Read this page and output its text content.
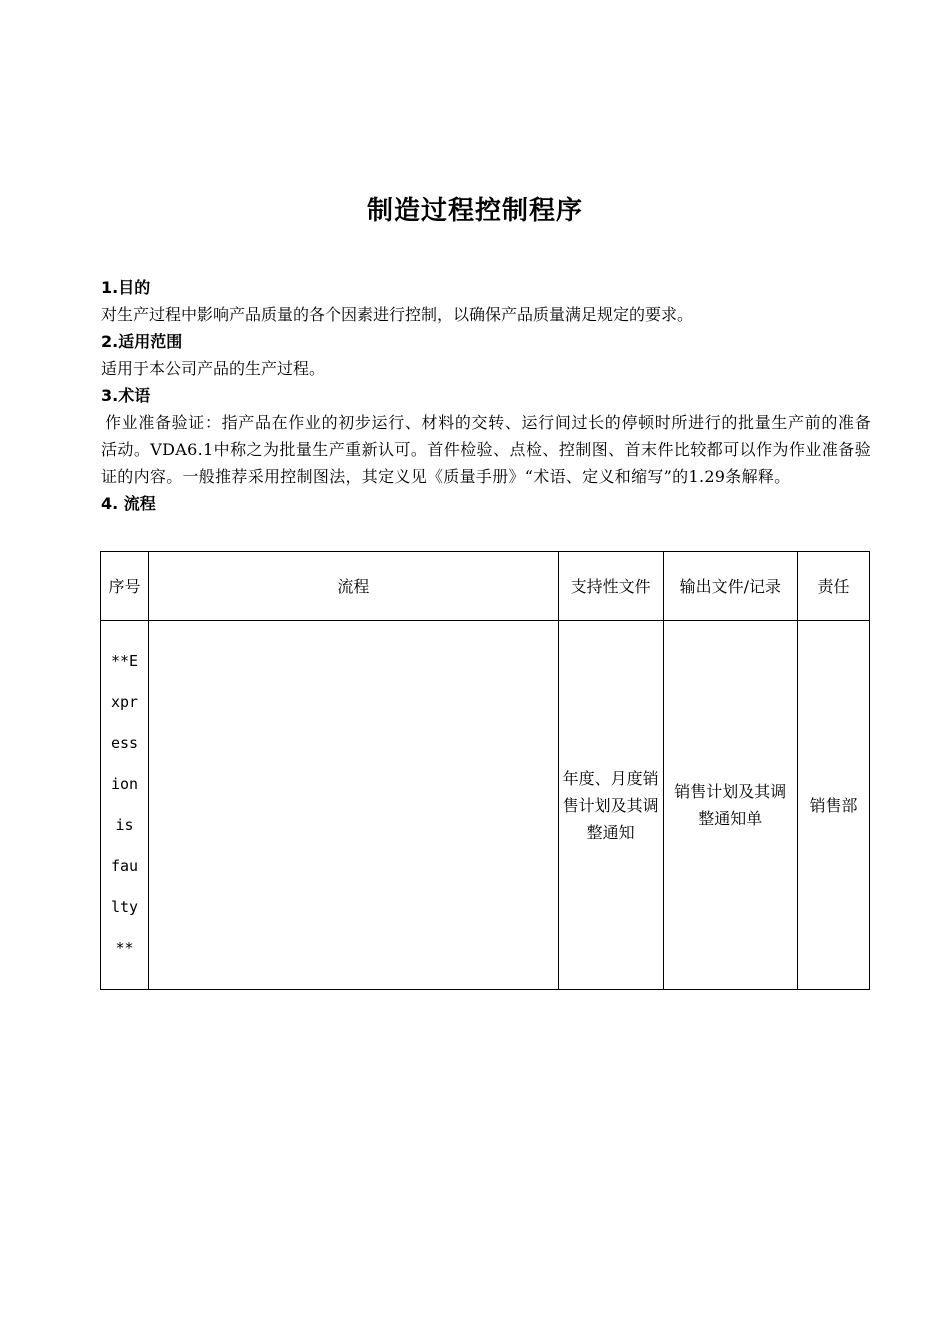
制造过程控制程序
1.目的
对生产过程中影响产品质量的各个因素进行控制，以确保产品质量满足规定的要求。
2.适用范围
适用于本公司产品的生产过程。
3.术语
作业准备验证：指产品在作业的初步运行、材料的交转、运行间过长的停顿时所进行的批量生产前的准备活动。VDA6.1中称之为批量生产重新认可。首件检验、点检、控制图、首末件比较都可以作为作业准备验证的内容。一般推荐采用控制图法，其定义见《质量手册》“术语、定义和缩写”的1.29条解释。
4. 流程
序号	流程	支持性文件	输出文件/记录	责任

**Expression is faulty**		年度、月度销售计划及其调整通知	销售计划及其调整通知单	销售部
